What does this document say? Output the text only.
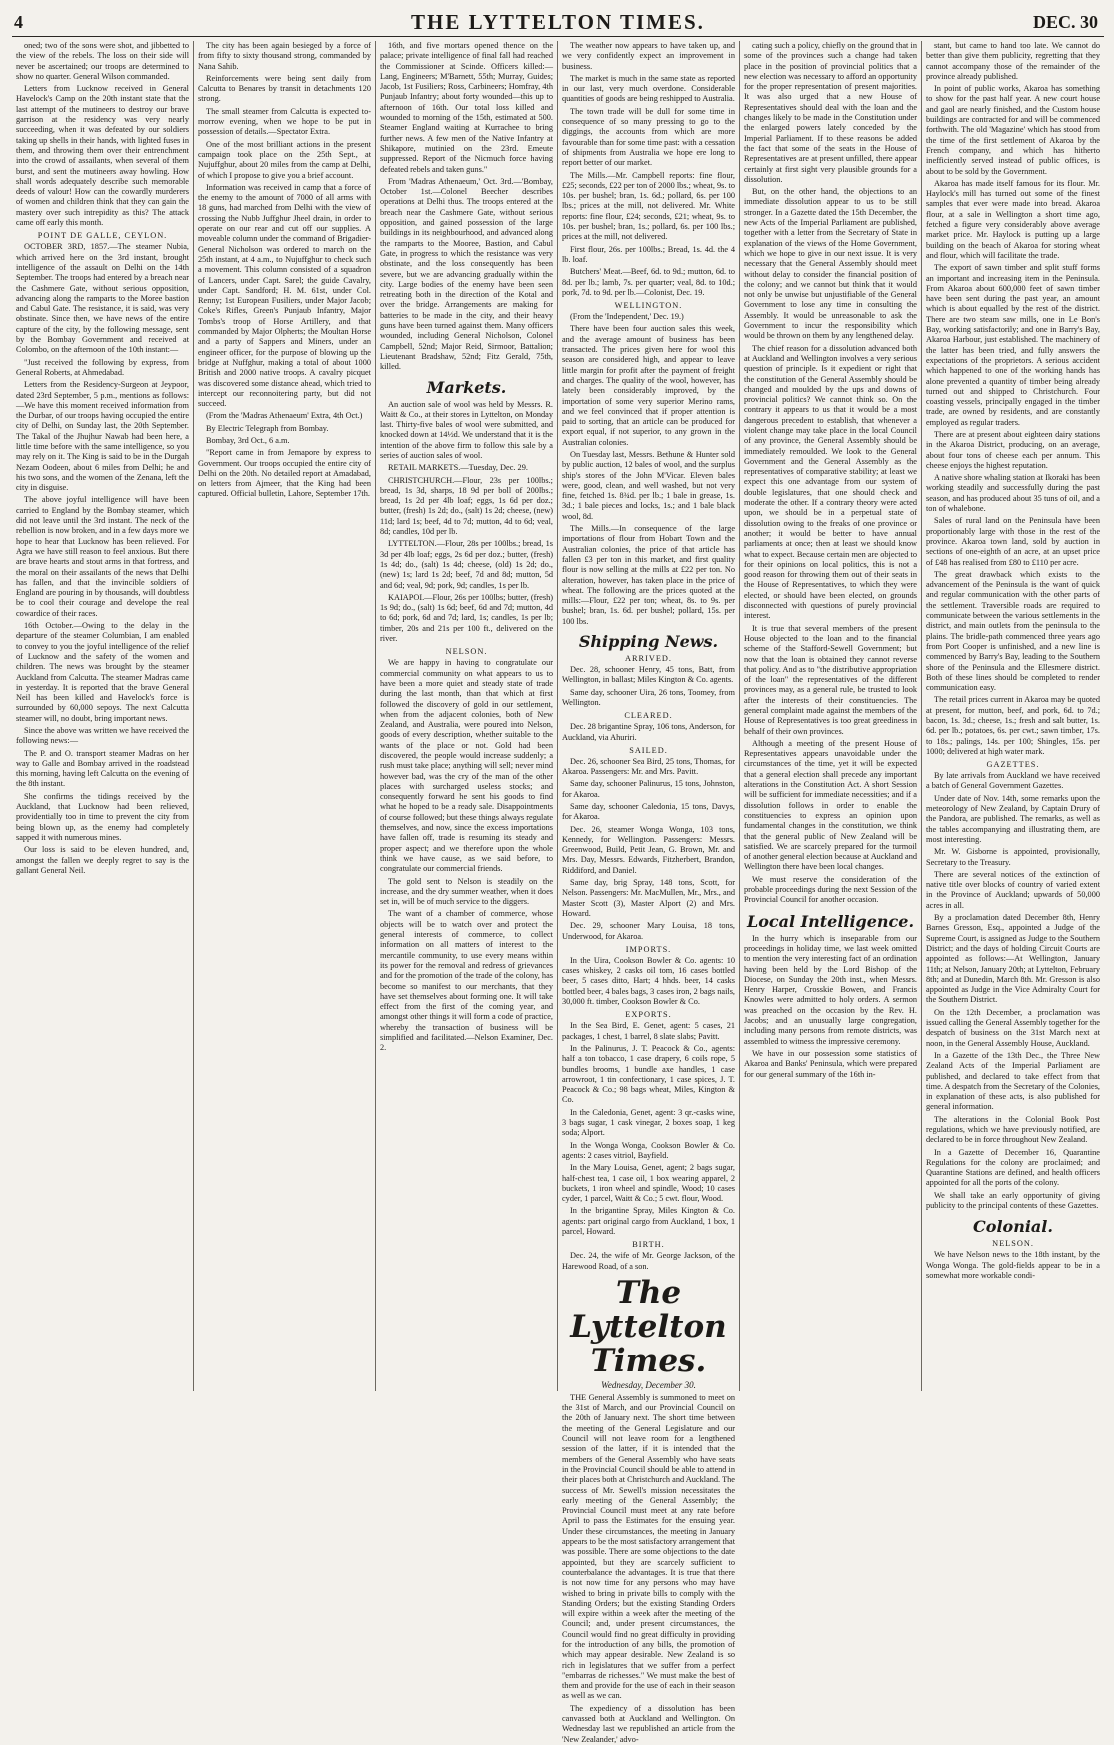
4	THE LYTTELTON TIMES.	DEC. 30

oned; two of the sons were shot, and jibbetted to the view of the rebels. The loss on their side will never be ascertained; our troops are determined to show no quarter. General Wilson commanded.

Letters from Lucknow received in General Havelock's Camp on the 20th instant state that the last attempt of the mutineers to destroy our brave garrison at the residency was very nearly succeeding, when it was defeated by our soldiers taking up shells in their hands, with lighted fuses in them, and throwing them over their entrenchment into the crowd of assailants, when several of them burst, and sent the mutineers away howling. How shall words adequately describe such memorable deeds of valour! How can the cowardly murderers of women and children think that they can gain the mastery over such intrepidity as this? The attack came off early this month.

POINT DE GALLE, CEYLON.

OCTOBER 3RD, 1857.—The steamer Nubia, which arrived here on the 3rd instant, brought intelligence of the assault on Delhi on the 14th September. The troops had entered by a breach near the Cashmere Gate, without serious opposition, advancing along the ramparts to the Moree bastion and Cabul Gate. The resistance, it is said, was very obstinate. Since then, we have news of the entire capture of the city, by the following message, sent by the Bombay Government and received at Colombo, on the afternoon of the 10th instant:—

"Just received the following by express, from General Roberts, at Ahmedabad.

Letters from the Residency-Surgeon at Jeypoor, dated 23rd September, 5 p.m., mentions as follows:—We have this moment received information from the Durbar, of our troops having occupied the entire city of Delhi, on Sunday last, the 20th September. The Takal of the Jhujhur Nawab had been here, a little time before with the same intelligence, so you may rely on it. The King is said to be in the Durgah Nezam Oodeen, about 6 miles from Delhi; he and his two sons, and the women of the Zenana, left the city in disguise.

The above joyful intelligence will have been carried to England by the Bombay steamer, which did not leave until the 3rd instant. The neck of the rebellion is now broken, and in a few days more we hope to hear that Lucknow has been relieved. For Agra we have still reason to feel anxious. But there are brave hearts and stout arms in that fortress, and the moral on their assailants of the news that Delhi has fallen, and that the invincible soldiers of England are pouring in by thousands, will doubtless be to cool their courage and develope the real cowardice of their races.

16th October.—Owing to the delay in the departure of the steamer Columbian, I am enabled to convey to you the joyful intelligence of the relief of Lucknow and the safety of the women and children. The news was brought by the steamer Auckland from Calcutta. The steamer Madras came in yesterday. It is reported that the brave General Neil has been killed and Havelock's force is surrounded by 60,000 sepoys. The next Calcutta steamer will, no doubt, bring important news.

Since the above was written we have received the following news:—

The P. and O. transport steamer Madras on her way to Galle and Bombay arrived in the roadstead this morning, having left Calcutta on the evening of the 8th instant.

She confirms the tidings received by the Auckland, that Lucknow had been relieved, providentially too in time to prevent the city from being blown up, as the enemy had completely sapped it with numerous mines.

Our loss is said to be eleven hundred, and, amongst the fallen we deeply regret to say is the gallant General Neil.

The city has been again besieged by a force of from fifty to sixty thousand strong, commanded by Nana Sahib.

Reinforcements were being sent daily from Calcutta to Benares by transit in detachments 120 strong.

The small steamer from Calcutta is expected to-morrow evening, when we hope to be put in possession of details.—Spectator Extra.

One of the most brilliant actions in the present campaign took place on the 25th Sept., at Nujuffghur, about 20 miles from the camp at Delhi, of which I propose to give you a brief account.

Information was received in camp that a force of the enemy to the amount of 7000 of all arms with 18 guns, had marched from Delhi with the view of crossing the Nubb Juffghur Jheel drain, in order to operate on our rear and cut off our supplies. A moveable column under the command of Brigadier-General Nicholson was ordered to march on the 25th instant, at 4 a.m., to Nujuffghur to check such a movement. This column consisted of a squadron of Lancers, under Capt. Sarel; the guide Cavalry, under Capt. Sandford; H. M. 61st, under Col. Renny; 1st European Fusiliers, under Major Jacob; Coke's Rifles, Green's Punjaub Infantry, Major Tombs's troop of Horse Artillery, and that commanded by Major Olpherts; the Moultan Horse and a party of Sappers and Miners, under an engineer officer, for the purpose of blowing up the bridge at Nuffghur, making a total of about 1000 British and 2000 native troops. A cavalry picquet was discovered some distance ahead, which tried to intercept our reconnoitering party, but did not succeed.

(From the 'Madras Athenaeum' Extra, 4th Oct.)

By Electric Telegraph from Bombay.

Bombay, 3rd Oct., 6 a.m.

"Report came in from Jemapore by express to Government. Our troops occupied the entire city of Delhi on the 20th. No detailed report at Amadabad, on letters from Ajmeer, that the King had been captured. Official bulletin, Lahore, September 17th.

16th, and five mortars opened thence on the palace; private intelligence of final fall had reached the Commissioner at Scinde. Officers killed:—Lang, Engineers; M'Barnett, 55th; Murray, Guides; Jacob, 1st Fusiliers; Ross, Carbineers; Homfray, 4th Punjaub Infantry; about forty wounded—this up to afternoon of 16th. Our total loss killed and wounded to morning of the 15th, estimated at 500. Steamer England waiting at Kurrachee to bring further news. A few men of the Native Infantry at Shikapore, mutinied on the 23rd. Emeute suppressed. Report of the Nicmuch force having defeated rebels and taken guns."

From 'Madras Athenaeum,' Oct. 3rd.—'Bombay, October 1st.—Colonel Beecher describes operations at Delhi thus. The troops entered at the breach near the Cashmere Gate, without serious opposition, and gained possession of the large buildings in its neighbourhood, and advanced along the ramparts to the Mooree, Bastion, and Cabul Gate, in progress to which the resistance was very obstinate, and the loss consequently has been severe, but we are advancing gradually within the city. Large bodies of the enemy have been seen retreating both in the direction of the Kotal and over the bridge. Arrangements are making for batteries to be made in the city, and their heavy guns have been turned against them. Many officers wounded, including General Nicholson, Colonel Campbell, 52nd; Major Reid, Sirmoor, Battalion; Lieutenant Bradshaw, 52nd; Fitz Gerald, 75th, killed.

Markets.

An auction sale of wool was held by Messrs. R. Waitt & Co., at their stores in Lyttelton, on Monday last. Thirty-five bales of wool were submitted, and knocked down at 14½d. We understand that it is the intention of the above firm to follow this sale by a series of auction sales of wool.

RETAIL MARKETS.—Tuesday, Dec. 29.

CHRISTCHURCH.—Flour, 23s per 100lbs.; bread, 1s 3d, sharps, 18 9d per boll of 200lbs.; bread, 1s 2d per 4lb loaf; eggs, 1s 6d per doz.; butter, (fresh) 1s 2d; do., (salt) 1s 2d; cheese, (new) 11d; lard 1s; beef, 4d to 7d; mutton, 4d to 6d; veal, 8d; candles, 10d per lb.

LYTTELTON.—Flour, 28s per 100lbs.; bread, 1s 3d per 4lb loaf; eggs, 2s 6d per doz.; butter, (fresh) 1s 4d; do., (salt) 1s 4d; cheese, (old) 1s 2d; do., (new) 1s; lard 1s 2d; beef, 7d and 8d; mutton, 5d and 6d; veal, 9d; pork, 9d; candles, 1s per lb.

KAIAPOI.—Flour, 26s per 100lbs; butter, (fresh) 1s 9d; do., (salt) 1s 6d; beef, 6d and 7d; mutton, 4d to 6d; pork, 6d and 7d; lard, 1s; candles, 1s per lb; timber, 20s and 21s per 100 ft., delivered on the river.

NELSON.

We are happy in having to congratulate our commercial community on what appears to us to have been a more quiet and steady state of trade during the last month, than that which at first followed the discovery of gold in our settlement, when from the adjacent colonies, both of New Zealand, and Australia, were poured into Nelson, goods of every description, whether suitable to the wants of the place or not. Gold had been discovered, the people would increase suddenly; a rush must take place; anything will sell; never mind however bad, was the cry of the man of the other places with surcharged useless stocks; and consequently forward he sent his goods to find what he hoped to be a ready sale. Disappointments of course followed; but these things always regulate themselves, and now, since the excess importations have fallen off, trade is resuming its steady and proper aspect; and we therefore upon the whole think we have cause, as we said before, to congratulate our commercial friends.

The gold sent to Nelson is steadily on the increase, and the dry summer weather, when it does set in, will be of much service to the diggers.

The want of a chamber of commerce, whose objects will be to watch over and protect the general interests of commerce, to collect information on all matters of interest to the mercantile community, to use every means within its power for the removal and redress of grievances and for the promotion of the trade of the colony, has become so manifest to our merchants, that they have set themselves about forming one. It will take effect from the first of the coming year, and amongst other things it will form a code of practice, whereby the transaction of business will be simplified and facilitated.—Nelson Examiner, Dec. 2.

The weather now appears to have taken up, and we very confidently expect an improvement in business.

The market is much in the same state as reported in our last, very much overdone. Considerable quantities of goods are being reshipped to Australia.

The town trade will be dull for some time in consequence of so many pressing to go to the diggings, the accounts from which are more favourable than for some time past: with a cessation of shipments from Australia we hope ere long to report better of our market.

The Mills.—Mr. Campbell reports: fine flour, £25; seconds, £22 per ton of 2000 lbs.; wheat, 9s. to 10s. per bushel; bran, 1s. 6d.; pollard, 6s. per 100 lbs.; prices at the mill, not delivered. Mr. White reports: fine flour, £24; seconds, £21; wheat, 9s. to 10s. per bushel; bran, 1s.; pollard, 6s. per 100 lbs.; prices at the mill, not delivered.

First flour, 26s. per 100lbs.; Bread, 1s. 4d. the 4 lb. loaf.

Butchers' Meat.—Beef, 6d. to 9d.; mutton, 6d. to 8d. per lb.; lamb, 7s. per quarter; veal, 8d. to 10d.; pork, 7d. to 9d. per lb.—Colonist, Dec. 19.

WELLINGTON.

(From the 'Independent,' Dec. 19.)

There have been four auction sales this week, and the average amount of business has been transacted. The prices given here for wool this season are considered high, and appear to leave little margin for profit after the payment of freight and charges. The quality of the wool, however, has lately been considerably improved, by the importation of some very superior Merino rams, and we feel convinced that if proper attention is paid to sorting, that an article can be produced for export equal, if not superior, to any grown in the Australian colonies.

On Tuesday last, Messrs. Bethune & Hunter sold by public auction, 12 bales of wool, and the surplus ship's stores of the John M'Vicar. Eleven bales were, good, clean, and well washed, but not very fine, fetched 1s. 8¾d. per lb.; 1 bale in grease, 1s. 3d.; 1 bale pieces and locks, 1s.; and 1 bale black wool, 8d.

The Mills.—In consequence of the large importations of flour from Hobart Town and the Australian colonies, the price of that article has fallen £3 per ton in this market, and first quality flour is now selling at the mills at £22 per ton. No alteration, however, has taken place in the price of wheat. The following are the prices quoted at the mills:—Flour, £22 per ton; wheat, 8s. to 9s. per bushel; bran, 1s. 6d. per bushel; pollard, 15s. per 100 lbs.

Shipping News.
ARRIVED.

Dec. 28, schooner Henry, 45 tons, Batt, from Wellington, in ballast; Miles Kington & Co. agents.

Same day, schooner Uira, 26 tons, Toomey, from Wellington.

CLEARED.

Dec. 28 brigantine Spray, 106 tons, Anderson, for Auckland, via Ahuriri.

SAILED.

Dec. 26, schooner Sea Bird, 25 tons, Thomas, for Akaroa. Passengers: Mr. and Mrs. Pavitt.

Same day, schooner Palinurus, 15 tons, Johnston, for Akaroa.

Same day, schooner Caledonia, 15 tons, Davys, for Akaroa.

Dec. 26, steamer Wonga Wonga, 103 tons, Kennedy, for Wellington. Passengers: Messrs. Greenwood, Build, Petit Jean, G. Brown, Mr. and Mrs. Day, Messrs. Edwards, Fitzherbert, Brandon, Riddiford, and Daniel.

Same day, brig Spray, 148 tons, Scott, for Nelson. Passengers: Mr. MacMullen, Mr., Mrs., and Master Scott (3), Master Alport (2) and Mrs. Howard.

Dec. 29, schooner Mary Louisa, 18 tons, Underwood, for Akaroa.

IMPORTS.

In the Uira, Cookson Bowler & Co. agents: 10 cases whiskey, 2 casks oil tom, 16 cases bottled beer, 5 cases ditto, Hart; 4 hhds. beer, 14 casks bottled beer, 4 bales bags, 3 cases iron, 2 bags nails, 30,000 ft. timber, Cookson Bowler & Co.

EXPORTS.

In the Sea Bird, E. Genet, agent: 5 cases, 21 packages, 1 chest, 1 barrel, 8 slate slabs; Pavitt.

In the Palinurus, J. T. Peacock & Co., agents: half a ton tobacco, 1 case drapery, 6 coils rope, 5 bundles brooms, 1 bundle axe handles, 1 case arrowroot, 1 tin confectionary, 1 case spices, J. T. Peacock & Co.; 98 bags wheat, Miles, Kington & Co.

In the Caledonia, Genet, agent: 3 qr.-casks wine, 3 bags sugar, 1 cask vinegar, 2 boxes soap, 1 keg soda; Alport.

In the Wonga Wonga, Cookson Bowler & Co. agents: 2 cases vitriol, Bayfield.

In the Mary Louisa, Genet, agent; 2 bags sugar, half-chest tea, 1 case oil, 1 box wearing apparel, 2 buckets, 1 iron wheel and spindle, Wood; 10 cases cyder, 1 parcel, Waitt & Co.; 5 cwt. flour, Wood.

In the brigantine Spray, Miles Kington & Co. agents: part original cargo from Auckland, 1 box, 1 parcel, Howard.

BIRTH.

Dec. 24, the wife of Mr. George Jackson, of the Harewood Road, of a son.

The Lyttelton Times.
Wednesday, December 30.

THE General Assembly is summoned to meet on the 31st of March, and our Provincial Council on the 20th of January next. The short time between the meeting of the General Legislature and our Council will not leave room for a lengthened session of the latter, if it is intended that the members of the General Assembly who have seats in the Provincial Council should be able to attend in their places both at Christchurch and Auckland. The success of Mr. Sewell's mission necessitates the early meeting of the General Assembly; the Provincial Council must meet at any rate before April to pass the Estimates for the ensuing year. Under these circumstances, the meeting in January appears to be the most satisfactory arrangement that was possible. There are some objections to the date appointed, but they are scarcely sufficient to counterbalance the advantages. It is true that there is not now time for any persons who may have wished to bring in private bills to comply with the Standing Orders; but the existing Standing Orders will expire within a week after the meeting of the Council; and, under present circumstances, the Council would find no great difficulty in providing for the introduction of any bills, the promotion of which may appear desirable. New Zealand is so rich in legislatures that we suffer from a perfect "embarras de richesses." We must make the best of them and provide for the use of each in their season as well as we can.

The expediency of a dissolution has been canvassed both at Auckland and Wellington. On Wednesday last we republished an article from the 'New Zealander,' advo-

cating such a policy, chiefly on the ground that in some of the provinces such a change had taken place in the position of provincial politics that a new election was necessary to afford an opportunity for the proper representation of present majorities. It was also urged that a new House of Representatives should deal with the loan and the changes likely to be made in the Constitution under the enlarged powers lately conceded by the Imperial Parliament. If to these reasons be added the fact that some of the seats in the House of Representatives are at present unfilled, there appear certainly at first sight very plausible grounds for a dissolution.

But, on the other hand, the objections to an immediate dissolution appear to us to be still stronger. In a Gazette dated the 15th December, the new Acts of the Imperial Parliament are published, together with a letter from the Secretary of State in explanation of the views of the Home Government, which we hope to give in our next issue. It is very necessary that the General Assembly should meet without delay to consider the financial position of the colony; and we cannot but think that it would not only be unwise but unjustifiable of the General Government to lose any time in consulting the Assembly. It would be unreasonable to ask the Government to incur the responsibility which would be thrown on them by any lengthened delay.

The chief reason for a dissolution advanced both at Auckland and Wellington involves a very serious question of principle. Is it expedient or right that the constitution of the General Assembly should be changed and moulded by the ups and downs of provincial politics? We cannot think so. On the contrary it appears to us that it would be a most dangerous precedent to establish, that whenever a violent change may take place in the local Council of any province, the General Assembly should be immediately remoulded. We look to the General Government and the General Assembly as the representatives of comparative stability; at least we expect this one advantage from our system of double legislatures, that one should check and moderate the other. If a contrary theory were acted upon, we should be in a perpetual state of dissolution owing to the freaks of one province or another; it would be better to have annual parliaments at once; then at least we should know what to expect. Because certain men are objected to for their opinions on local politics, this is not a good reason for throwing them out of their seats in the House of Representatives, to which they were elected, or should have been elected, on grounds disconnected with questions of purely provincial interest.

It is true that several members of the present House objected to the loan and to the financial scheme of the Stafford-Sewell Government; but now that the loan is obtained they cannot reverse that policy. And as to "the distributive appropriation of the loan" the representatives of the different provinces may, as a general rule, be trusted to look after the interests of their constituencies. The general complaint made against the members of the House of Representatives is too great greediness in behalf of their own provinces.

Although a meeting of the present House of Representatives appears unavoidable under the circumstances of the time, yet it will be expected that a general election shall precede any important alterations in the Constitution Act. A short Session will be sufficient for immediate necessities; and if a dissolution follows in order to enable the constituencies to express an opinion upon fundamental changes in the constitution, we think that the general public of New Zealand will be satisfied. We are scarcely prepared for the turmoil of another general election because at Auckland and Wellington there have been local changes.

We must reserve the consideration of the probable proceedings during the next Session of the Provincial Council for another occasion.

Local Intelligence.

In the hurry which is inseparable from our proceedings in holiday time, we last week omitted to mention the very interesting fact of an ordination having been held by the Lord Bishop of the Diocese, on Sunday the 20th inst., when Messrs. Henry Harper, Crosskie Bowen, and Francis Knowles were admitted to holy orders. A sermon was preached on the occasion by the Rev. H. Jacobs; and an unusually large congregation, including many persons from remote districts, was assembled to witness the impressive ceremony.

We have in our possession some statistics of Akaroa and Banks' Peninsula, which were prepared for our general summary of the 16th in-

stant, but came to hand too late. We cannot do better than give them publicity, regretting that they cannot accompany those of the remainder of the province already published.

In point of public works, Akaroa has something to show for the past half year. A new court house and gaol are nearly finished, and the Custom house buildings are contracted for and will be commenced forthwith. The old 'Magazine' which has stood from the time of the first settlement of Akaroa by the French company, and which has hitherto inefficiently served instead of public offices, is about to be sold by the Government.

Akaroa has made itself famous for its flour. Mr. Haylock's mill has turned out some of the finest samples that ever were made into bread. Akaroa flour, at a sale in Wellington a short time ago, fetched a figure very considerably above average market price. Mr. Haylock is putting up a large building on the beach of Akaroa for storing wheat and flour, which will facilitate the trade.

The export of sawn timber and split stuff forms an important and increasing item in the Peninsula. From Akaroa about 600,000 feet of sawn timber have been sent during the past year, an amount which is about equalled by the rest of the district. There are two steam saw mills, one in Le Bon's Bay, working satisfactorily; and one in Barry's Bay, Akaroa Harbour, just established. The machinery of the latter has been tried, and fully answers the expectations of the proprietors. A serious accident which happened to one of the working hands has alone prevented a quantity of timber being already turned out and shipped to Christchurch. Four coasting vessels, principally engaged in the timber trade, are owned by residents, and are constantly employed as regular traders.

There are at present about eighteen dairy stations in the Akaroa District, producing, on an average, about four tons of cheese each per annum. This cheese enjoys the highest reputation.

A native shore whaling station at Ikoraki has been working steadily and successfully during the past season, and has produced about 35 tuns of oil, and a ton of whalebone.

Sales of rural land on the Peninsula have been proportionably large with those in the rest of the province. Akaroa town land, sold by auction in sections of one-eighth of an acre, at an upset price of £48 has realised from £80 to £110 per acre.

The great drawback which exists to the advancement of the Peninsula is the want of quick and regular communication with the other parts of the settlement. Traversible roads are required to communicate between the various settlements in the district, and main outlets from the peninsula to the plains. The bridle-path commenced three years ago from Port Cooper is unfinished, and a new line is commenced by Barry's Bay, leading to the Southern shore of the Peninsula and the Ellesmere district. Both of these lines should be completed to render communication easy.

The retail prices current in Akaroa may be quoted at present, for mutton, beef, and pork, 6d. to 7d.; bacon, 1s. 3d.; cheese, 1s.; fresh and salt butter, 1s. 6d. per lb.; potatoes, 6s. per cwt.; sawn timber, 17s. to 18s.; palings, 14s. per 100; Shingles, 15s. per 1000; delivered at high water mark.

GAZETTES.

By late arrivals from Auckland we have received a batch of General Government Gazettes.

Under date of Nov. 14th, some remarks upon the meteorology of New Zealand, by Captain Drury of the Pandora, are published. The remarks, as well as the tables accompanying and illustrating them, are most interesting.

Mr. W. Gisborne is appointed, provisionally, Secretary to the Treasury.

There are several notices of the extinction of native title over blocks of country of varied extent in the Province of Auckland; upwards of 50,000 acres in all.

By a proclamation dated December 8th, Henry Barnes Gresson, Esq., appointed a Judge of the Supreme Court, is assigned as Judge to the Southern District; and the days of holding Circuit Courts are appointed as follows:—At Wellington, January 11th; at Nelson, January 20th; at Lyttelton, February 8th; and at Dunedin, March 8th. Mr. Gresson is also appointed as Judge in the Vice Admiralty Court for the Southern District.

On the 12th December, a proclamation was issued calling the General Assembly together for the despatch of business on the 31st March next at noon, in the General Assembly House, Auckland.

In a Gazette of the 13th Dec., the Three New Zealand Acts of the Imperial Parliament are published, and declared to take effect from that time. A despatch from the Secretary of the Colonies, in explanation of these acts, is also published for general information.

The alterations in the Colonial Book Post regulations, which we have previously notified, are declared to be in force throughout New Zealand.

In a Gazette of December 16, Quarantine Regulations for the colony are proclaimed; and Quarantine Stations are defined, and health officers appointed for all the ports of the colony.

We shall take an early opportunity of giving publicity to the principal contents of these Gazettes.

Colonial.
NELSON.

We have Nelson news to the 18th instant, by the Wonga Wonga. The gold-fields appear to be in a somewhat more workable condi-
